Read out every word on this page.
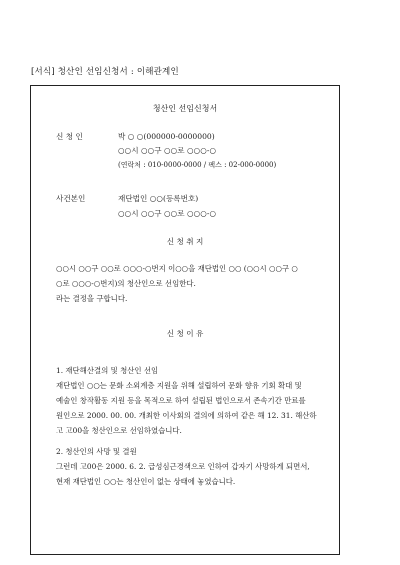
[서식] 청산인 선임신청서 : 이해관계인
청산인 선임신청서
신 청 인	박 ○ ○(000000-0000000)
○○시 ○○구 ○○로 ○○○-○
(연락처 : 010-0000-0000 / 팩스 : 02-000-0000)
사건본인	재단법인 ○○(등록번호)
○○시 ○○구 ○○로 ○○○-○
신 청 취 지
○○시 ○○구 ○○로 ○○○-○번지 이○○을 재단법인 ○○ (○○시 ○○구 ○
○로 ○○○-○번지)의 청산인으로 선임한다.
라는 결정을 구합니다.
신 청 이 유
1. 재단해산결의 및 청산인 선임
재단법인 ○○는 문화 소외계층 지원을 위해 설립하여 문화 향유 기회 확대 및
예술인 창작활동 지원 등을 목적으로 하여 설립된 법인으로서 존속기간 만료를
원인으로 2000. 00. 00. 개최한 이사회의 결의에 의하여 같은 해 12. 31. 해산하
고 고00을 청산인으로 선임하였습니다.
2. 청산인의 사망 및 결원
그런데 고00은 2000. 6. 2. 급성심근경색으로 인하여 갑자기 사망하게 되면서,
현재 재단법인 ○○는 청산인이 없는 상태에 놓였습니다.
